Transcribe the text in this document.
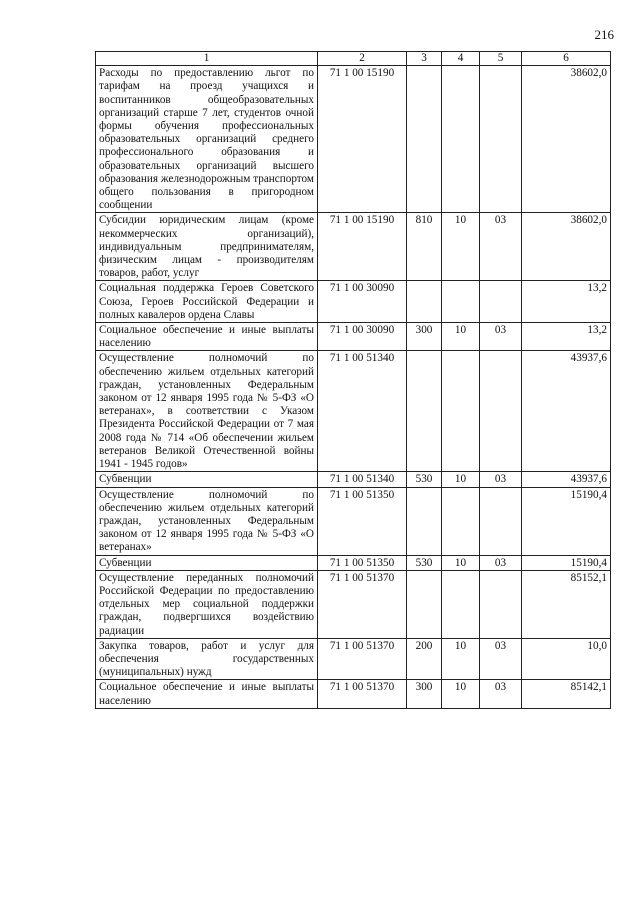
216
1	2	3	4	5	6
Расходы по предоставлению льгот по тарифам на проезд учащихся и воспитанников общеобразовательных организаций старше 7 лет, студентов очной формы обучения профессиональных образовательных организаций среднего профессионального образования и образовательных организаций высшего образования железнодорожным транспортом общего пользования в пригородном сообщении	71 1 00 15190				38602,0
Субсидии юридическим лицам (кроме некоммерческих организаций), индивидуальным предпринимателям, физическим лицам - производителям товаров, работ, услуг	71 1 00 15190	810	10	03	38602,0
Социальная поддержка Героев Советского Союза, Героев Российской Федерации и полных кавалеров ордена Славы	71 1 00 30090				13,2
Социальное обеспечение и иные выплаты населению	71 1 00 30090	300	10	03	13,2
Осуществление полномочий по обеспечению жильем отдельных категорий граждан, установленных Федеральным законом от 12 января 1995 года № 5-ФЗ «О ветеранах», в соответствии с Указом Президента Российской Федерации от 7 мая 2008 года № 714 «Об обеспечении жильем ветеранов Великой Отечественной войны 1941 - 1945 годов»	71 1 00 51340				43937,6
Субвенции	71 1 00 51340	530	10	03	43937,6
Осуществление полномочий по обеспечению жильем отдельных категорий граждан, установленных Федеральным законом от 12 января 1995 года № 5-ФЗ «О ветеранах»	71 1 00 51350				15190,4
Субвенции	71 1 00 51350	530	10	03	15190,4
Осуществление переданных полномочий Российской Федерации по предоставлению отдельных мер социальной поддержки граждан, подвергшихся воздействию радиации	71 1 00 51370				85152,1
Закупка товаров, работ и услуг для обеспечения государственных (муниципальных) нужд	71 1 00 51370	200	10	03	10,0
Социальное обеспечение и иные выплаты населению	71 1 00 51370	300	10	03	85142,1
